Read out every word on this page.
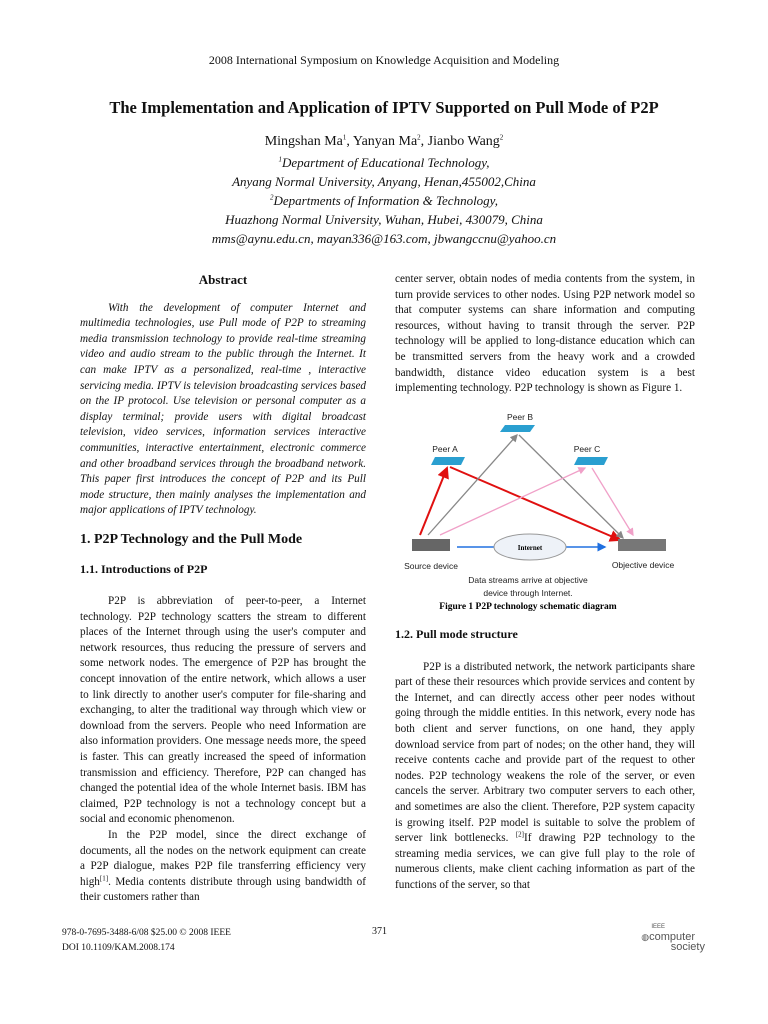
2008 International Symposium on Knowledge Acquisition and Modeling
The Implementation and Application of IPTV Supported on Pull Mode of P2P
Mingshan Ma$^1$, Yanyan Ma$^2$, Jianbo Wang$^2$
$^1$Department of Educational Technology,
Anyang Normal University, Anyang, Henan,455002,China
$^2$Departments of Information & Technology,
Huazhong Normal University, Wuhan, Hubei, 430079, China
mms@aynu.edu.cn, mayan336@163.com, jbwangccnu@yahoo.cn
Abstract

With the development of computer Internet and multimedia technologies, use Pull mode of P2P to streaming media transmission technology to provide real-time streaming video and audio stream to the public through the Internet. It can make IPTV as a personalized, real-time , interactive servicing media. IPTV is television broadcasting services based on the IP protocol. Use television or personal computer as a display terminal; provide users with digital broadcast television, video services, information services interactive communities, interactive entertainment, electronic commerce and other broadband services through the broadband network. This paper first introduces the concept of P2P and its Pull mode structure, then mainly analyses the implementation and major applications of IPTV technology.

1. P2P Technology and the Pull Mode
1.1. Introductions of P2P

P2P is abbreviation of peer-to-peer, a Internet technology. P2P technology scatters the stream to different places of the Internet through using the user's computer and network resources, thus reducing the pressure of servers and some network nodes. The emergence of P2P has brought the concept innovation of the entire network, which allows a user to link directly to another user's computer for file-sharing and exchanging, to alter the traditional way through which view or download from the servers. People who need Information are also information providers. One message needs more, the speed is faster. This can greatly increased the speed of information transmission and efficiency. Therefore, P2P can changed has changed the potential idea of the whole Internet basis. IBM has claimed, P2P technology is not a technology concept but a social and economic phenomenon.

In the P2P model, since the direct exchange of documents, all the nodes on the network equipment can create a P2P dialogue, makes P2P file transferring efficiency very high[1]. Media contents distribute through using bandwidth of their customers rather than

center server, obtain nodes of media contents from the system, in turn provide services to other nodes. Using P2P network model so that computer systems can share information and computing resources, without having to transit through the server. P2P technology will be applied to long-distance education which can be transmitted servers from the heavy work and a crowded bandwidth, distance video education system is a best implementing technology. P2P technology is shown as Figure 1.

Internet
Peer B
Peer A	Peer C
Source device	Objective device
Data streams arrive at objective
device through Internet.
Figure 1 P2P technology schematic diagram
1.2. Pull mode structure

P2P is a distributed network, the network participants share part of these their resources which provide services and content by the Internet, and can directly access other peer nodes without going through the middle entities. In this network, every node has both client and server functions, on one hand, they apply download service from part of nodes; on the other hand, they will receive contents cache and provide part of the request to other nodes. P2P technology weakens the role of the server, or even cancels the server. Arbitrary two computer servers to each other, and sometimes are also the client. Therefore, P2P system capacity is growing itself. P2P model is suitable to solve the problem of server link bottlenecks. [2]If drawing P2P technology to the streaming media services, we can give full play to the role of numerous clients, make client caching information as part of the functions of the server, so that

978-0-7695-3488-6/08 $25.00 © 2008 IEEE
DOI 10.1109/KAM.2008.174
371	IEEE
◍computer
society
